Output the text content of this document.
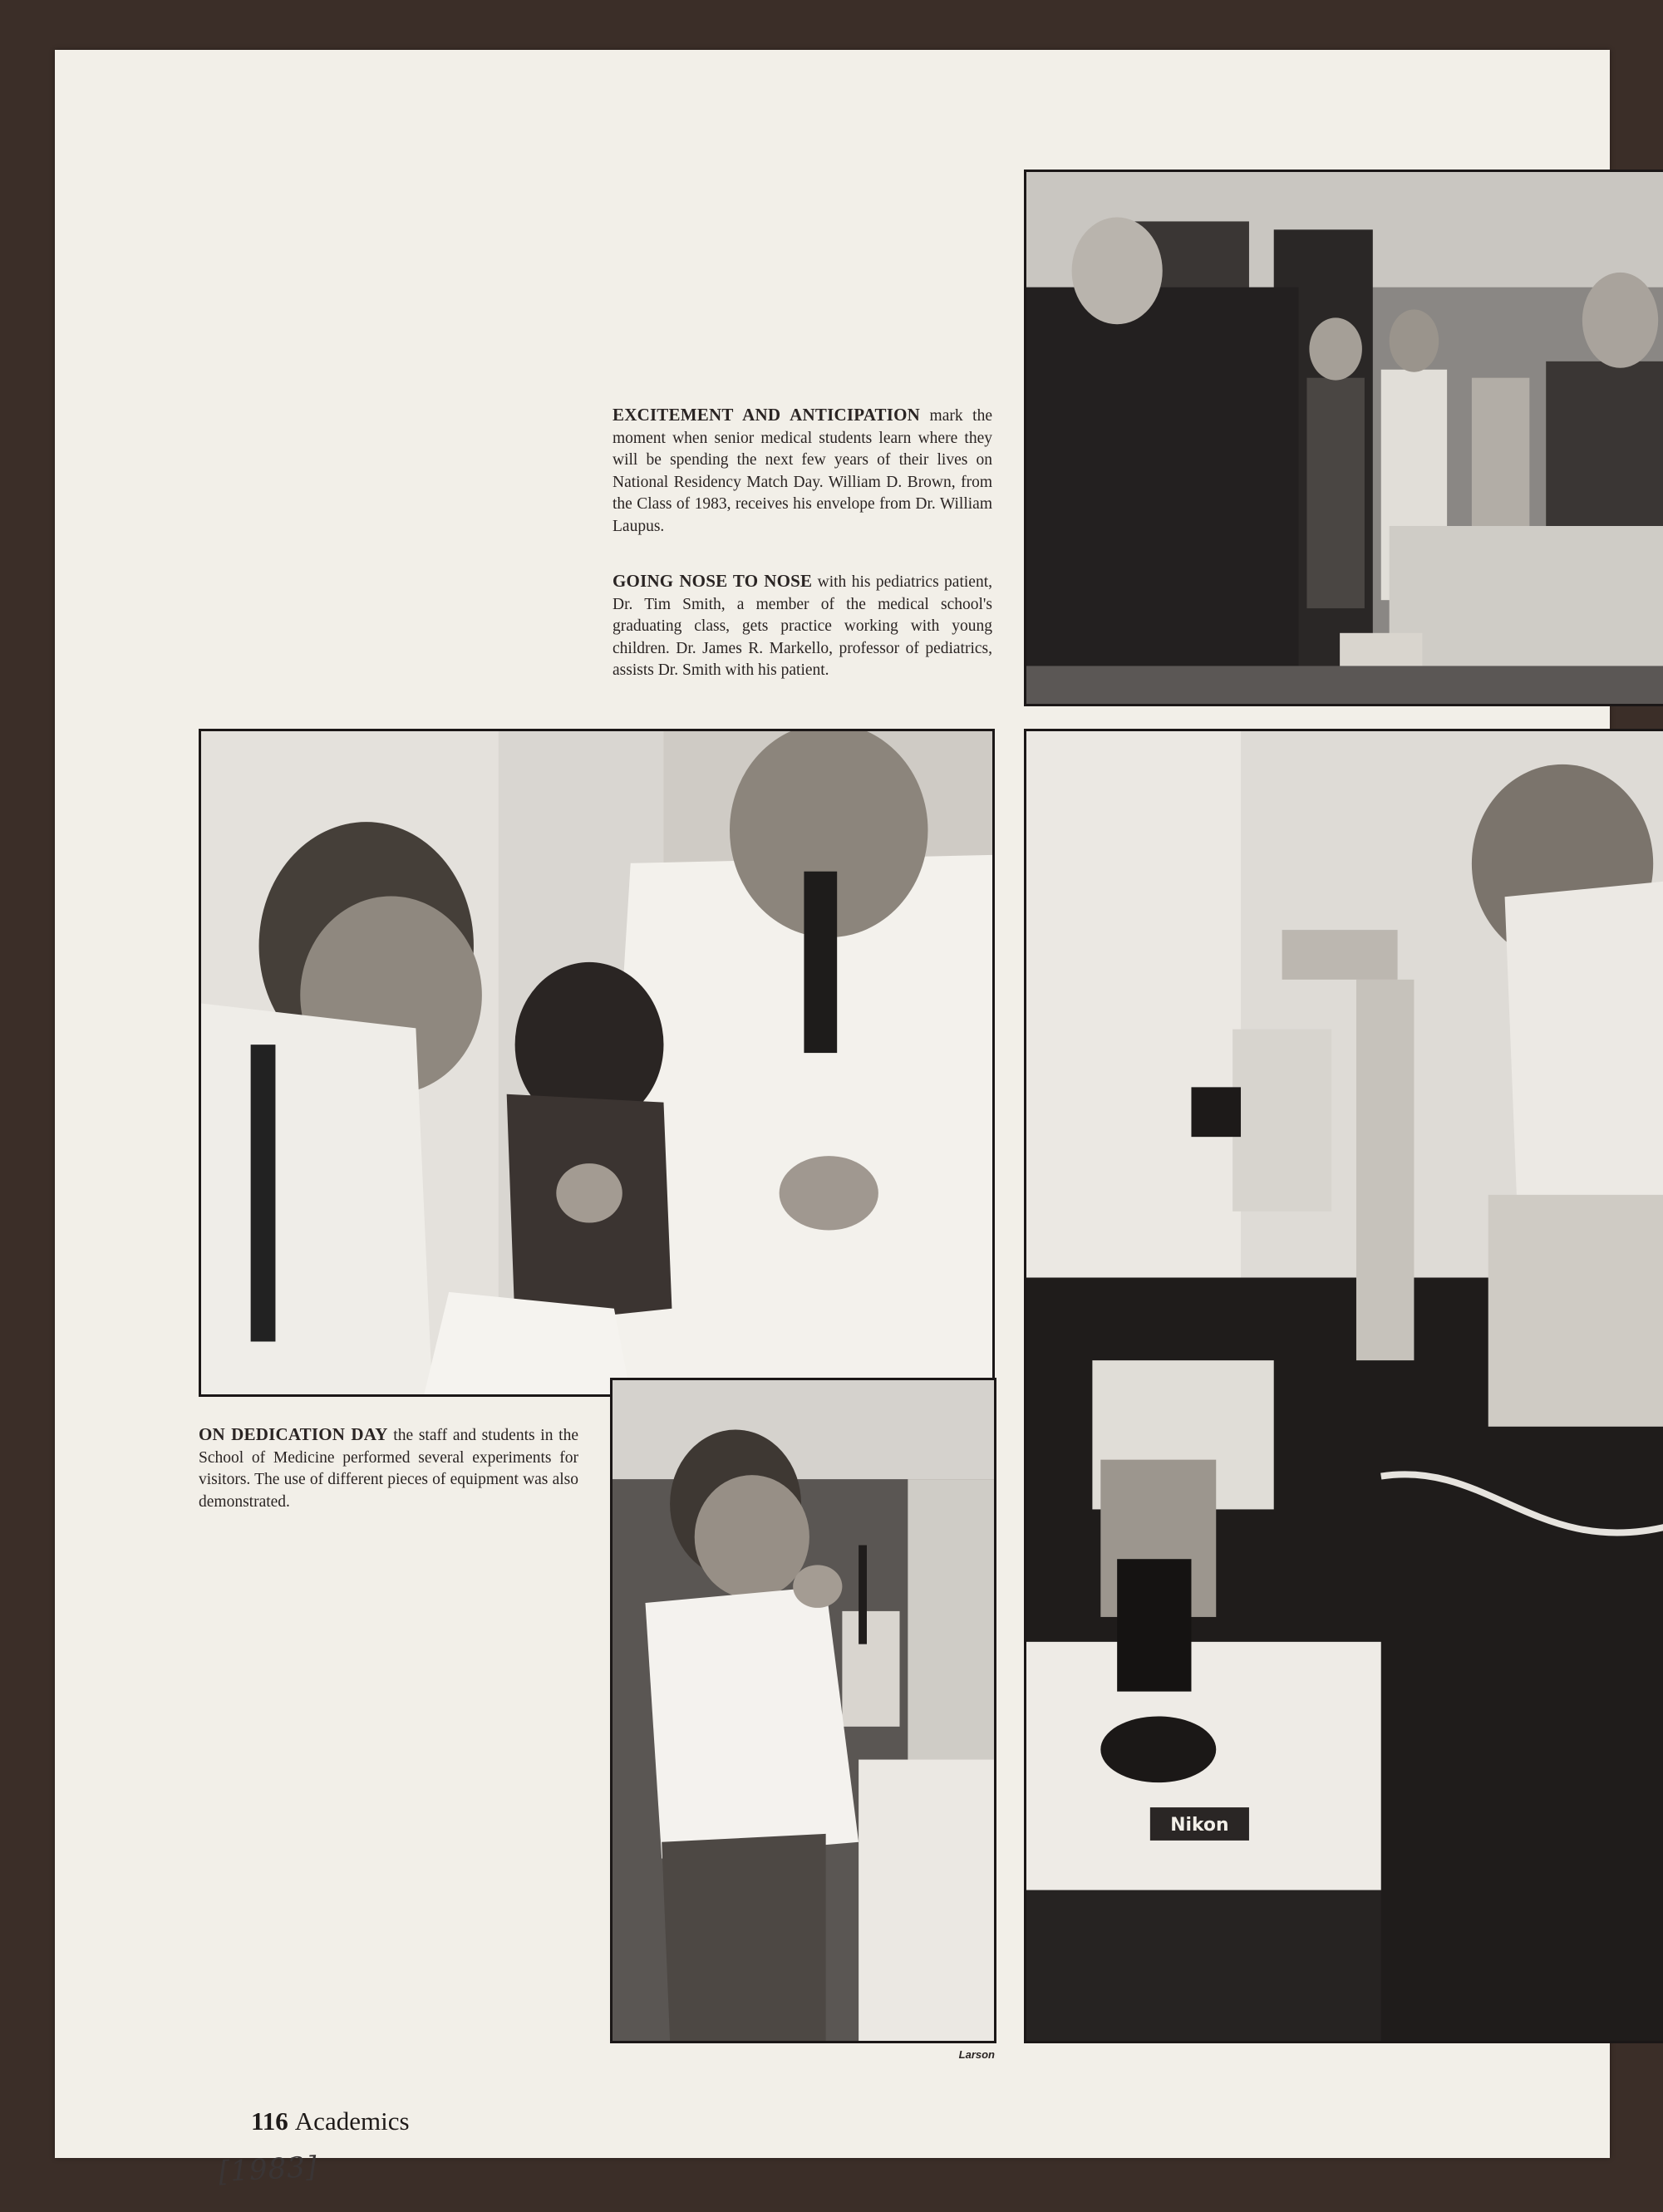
EXCITEMENT AND ANTICIPATION mark the moment when senior medical students learn where they will be spending the next few years of their lives on National Residency Match Day. William D. Brown, from the Class of 1983, receives his envelope from Dr. William Laupus.
GOING NOSE TO NOSE with his pediatrics patient, Dr. Tim Smith, a member of the medical school's graduating class, gets practice working with young children. Dr. James R. Markello, professor of pediatrics, assists Dr. Smith with his patient.
Nikon
ON DEDICATION DAY the staff and students in the School of Medicine performed several experiments for visitors. The use of different pieces of equipment was also demonstrated.
Larson
116 Academics
[1983]
